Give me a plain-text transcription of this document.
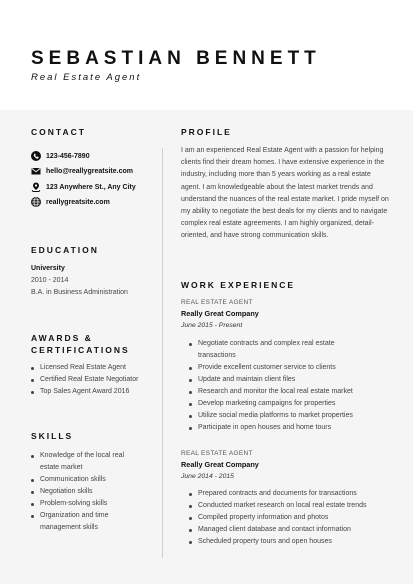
SEBASTIAN BENNETT
Real Estate Agent
CONTACT
123-456-7890
hello@reallygreatsite.com
123 Anywhere St., Any City
reallygreatsite.com
EDUCATION
University
2010 - 2014
B.A. in Business Administration
AWARDS &
CERTIFICATIONS
Licensed Real Estate Agent
Certified Real Estate Negotiator
Top Sales Agent Award 2016
SKILLS
Knowledge of the local real
estate market
Communication skills
Negotiation skills
Problem-solving skills
Organization and time
management skills
PROFILE
I am an experienced Real Estate Agent with a passion for helping clients find their dream homes. I have extensive experience in the industry, including more than 5 years working as a real estate agent. I am knowledgeable about the latest market trends and understand the nuances of the real estate market. I pride myself on my ability to negotiate the best deals for my clients and to navigate complex real estate agreements. I am highly organized, detail-oriented, and have strong communication skills.
WORK EXPERIENCE
REAL ESTATE AGENT
Really Great Company
June 2015 - Present
Negotiate contracts and complex real estate
transactions
Provide excellent customer service to clients
Update and maintain client files
Research and monitor the local real estate market
Develop marketing campaigns for properties
Utilize social media platforms to market properties
Participate in open houses and home tours
REAL ESTATE AGENT
Really Great Company
June 2014 - 2015
Prepared contracts and documents for transactions
Conducted market research on local real estate trends
Compiled property information and photos
Managed client database and contact information
Scheduled property tours and open houses
